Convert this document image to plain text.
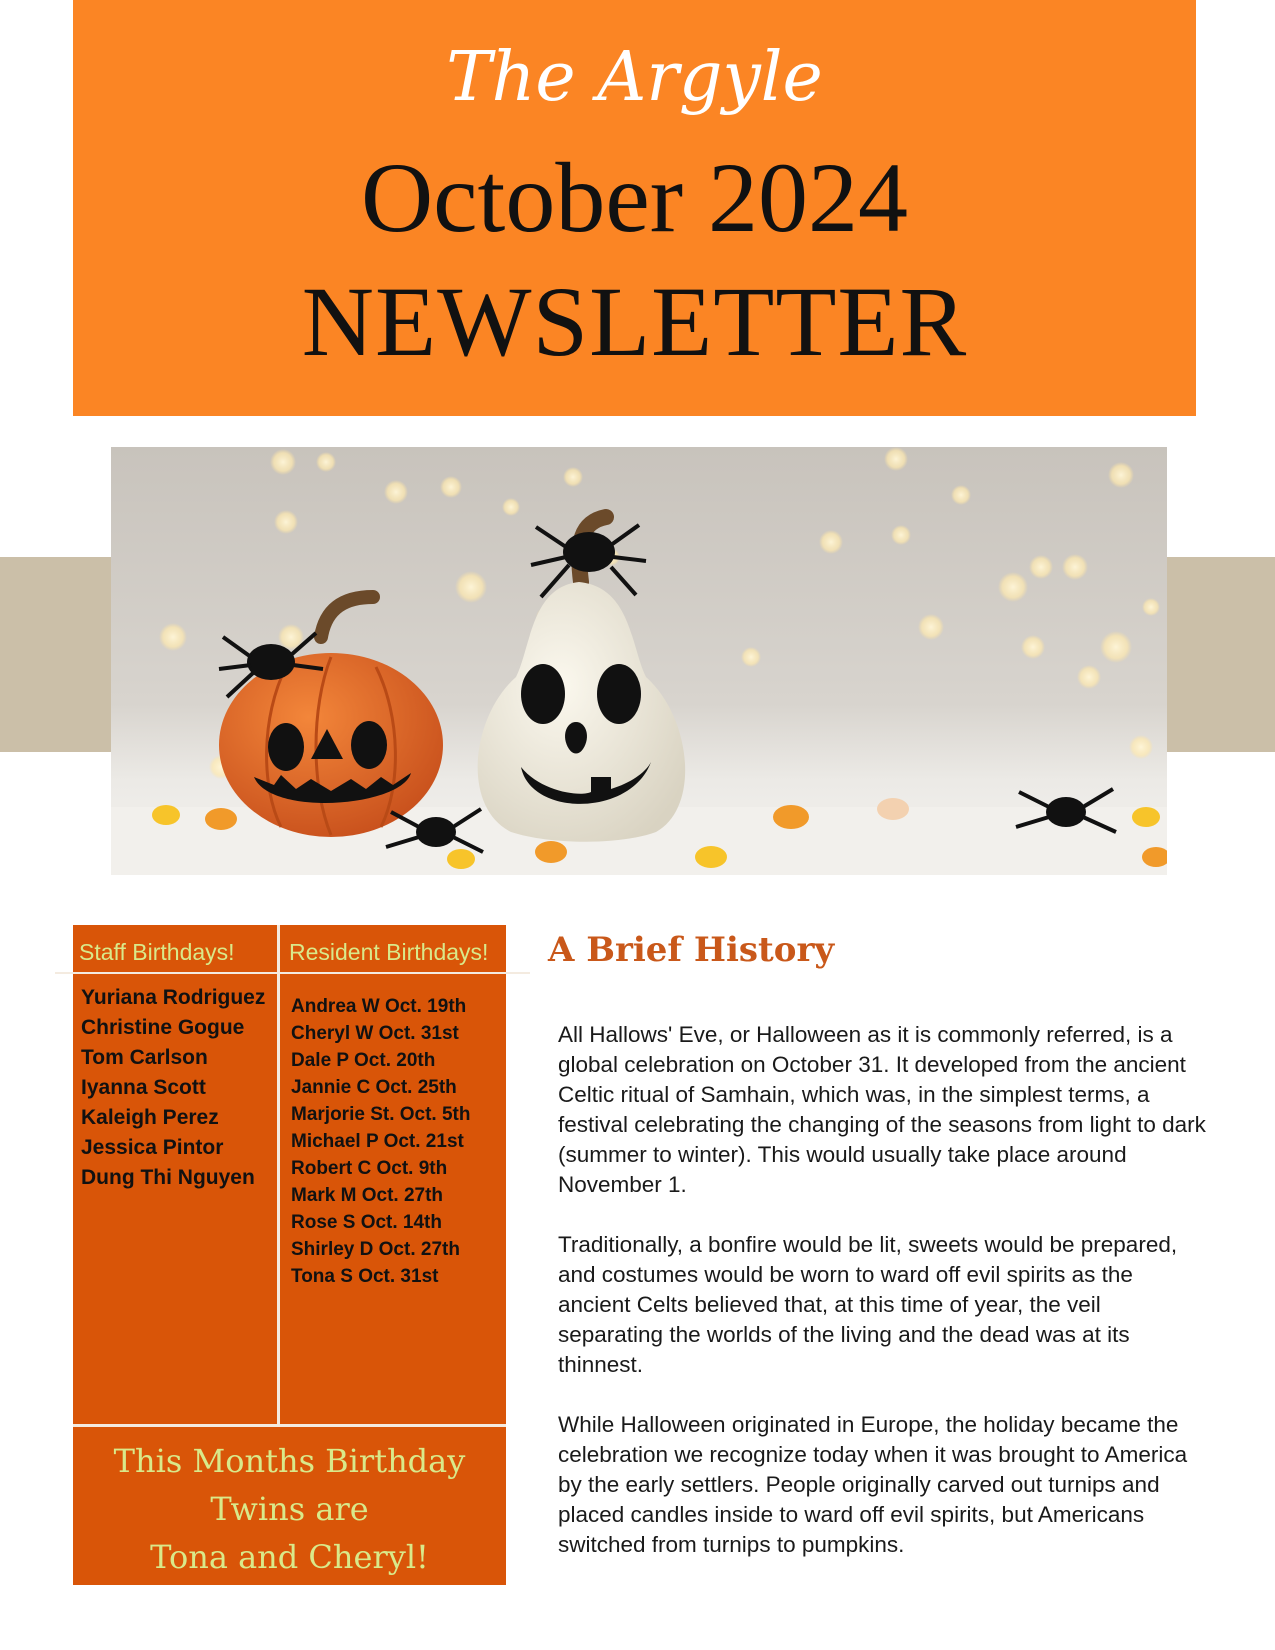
The Argyle
October 2024
NEWSLETTER
Staff Birthdays! Resident Birthdays!
Yuriana Rodriguez
Christine Gogue
Tom Carlson
Iyanna Scott
Kaleigh Perez
Jessica Pintor
Dung Thi Nguyen
Andrea W Oct. 19th
Cheryl W Oct. 31st
Dale P Oct. 20th
Jannie C Oct. 25th
Marjorie St. Oct. 5th
Michael P Oct. 21st
Robert C Oct. 9th
Mark M Oct. 27th
Rose S Oct. 14th
Shirley D Oct. 27th
Tona S Oct. 31st
This Months Birthday
Twins are
Tona and Cheryl!
A Brief History

All Hallows' Eve, or Halloween as it is commonly referred, is a global celebration on October 31. It developed from the ancient Celtic ritual of Samhain, which was, in the simplest terms, a festival celebrating the changing of the seasons from light to dark (summer to winter). This would usually take place around November 1.

Traditionally, a bonfire would be lit, sweets would be prepared, and costumes would be worn to ward off evil spirits as the ancient Celts believed that, at this time of year, the veil separating the worlds of the living and the dead was at its thinnest.

While Halloween originated in Europe, the holiday became the celebration we recognize today when it was brought to America by the early settlers. People originally carved out turnips and placed candles inside to ward off evil spirits, but Americans switched from turnips to pumpkins.
